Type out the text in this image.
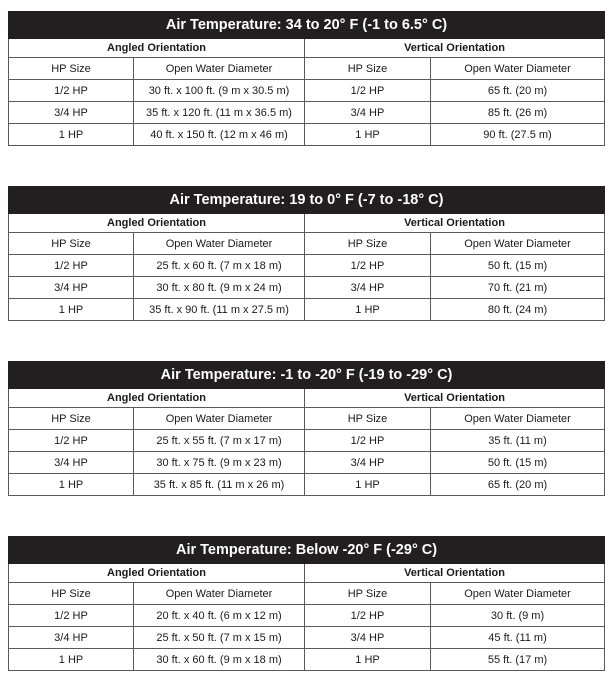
Air Temperature: 34 to 20° F (-1 to 6.5° C)			
Angled Orientation		Vertical Orientation	
HP Size	Open Water Diameter	HP Size	Open Water Diameter
1/2 HP	30 ft. x 100 ft. (9 m x 30.5 m)	1/2 HP	65 ft. (20 m)
3/4 HP	35 ft. x 120 ft. (11 m x 36.5 m)	3/4 HP	85 ft. (26 m)
1 HP	40 ft. x 150 ft. (12 m x 46 m)	1 HP	90 ft. (27.5 m)
Air Temperature: 19 to 0° F (-7 to -18° C)			
Angled Orientation		Vertical Orientation	
HP Size	Open Water Diameter	HP Size	Open Water Diameter
1/2 HP	25 ft. x 60 ft. (7 m x 18 m)	1/2 HP	50 ft. (15 m)
3/4 HP	30 ft. x 80 ft. (9 m x 24 m)	3/4 HP	70 ft. (21 m)
1 HP	35 ft. x 90 ft. (11 m x 27.5 m)	1 HP	80 ft. (24 m)
Air Temperature: -1 to -20° F (-19 to -29° C)			
Angled Orientation		Vertical Orientation	
HP Size	Open Water Diameter	HP Size	Open Water Diameter
1/2 HP	25 ft. x 55 ft. (7 m x 17 m)	1/2 HP	35 ft. (11 m)
3/4 HP	30 ft. x 75 ft. (9 m x 23 m)	3/4 HP	50 ft. (15 m)
1 HP	35 ft. x 85 ft. (11 m x 26 m)	1 HP	65 ft. (20 m)
Air Temperature: Below -20° F (-29° C)			
Angled Orientation		Vertical Orientation	
HP Size	Open Water Diameter	HP Size	Open Water Diameter
1/2 HP	20 ft. x 40 ft. (6 m x 12 m)	1/2 HP	30 ft. (9 m)
3/4 HP	25 ft. x 50 ft. (7 m x 15 m)	3/4 HP	45 ft. (11 m)
1 HP	30 ft. x 60 ft. (9 m x 18 m)	1 HP	55 ft. (17 m)
